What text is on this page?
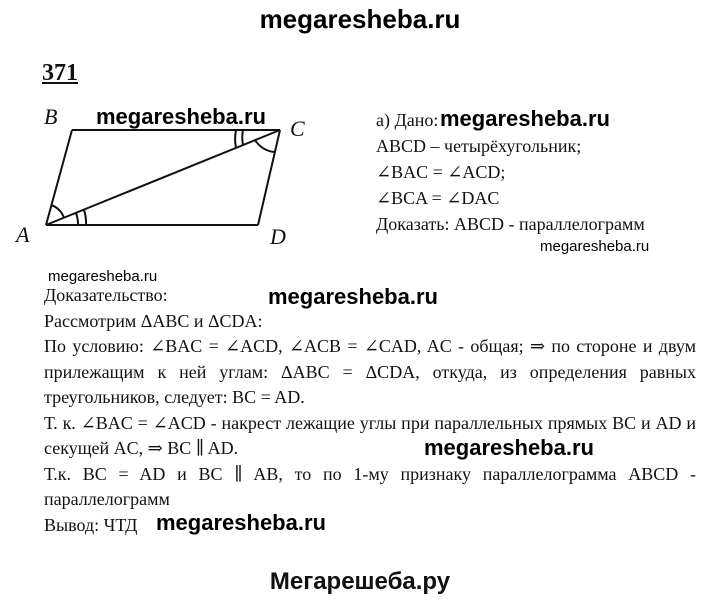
megaresheba.ru
371
A
B	C
D
megaresheba.ru	а) Дано:
ABCD – четырёхугольник;
∠BAC = ∠ACD;
∠BCA = ∠DAC
Доказать: ABCD - параллелограмм
megaresheba.ru
megaresheba.ru
megaresheba.ru

Доказательство:

Рассмотрим ΔABC и ΔCDA:

По условию: ∠BAC = ∠ACD, ∠ACB = ∠CAD, AC - общая; ⇒ по стороне и двум прилежащим к ней углам: ΔABC = ΔCDA, откуда, из определения равных треугольников, следует: BC = AD.

Т. к. ∠BAC = ∠ACD - накрест лежащие углы при параллельных прямых BC и AD и секущей AC, ⇒ BC ∥ AD.

Т.к. BC = AD и BC ∥ AB, то по 1-му признаку параллелограмма ABCD - параллелограмм

Вывод: ЧТД

megaresheba.ru
megaresheba.ru
megaresheba.ru
Мегарешеба.ру
